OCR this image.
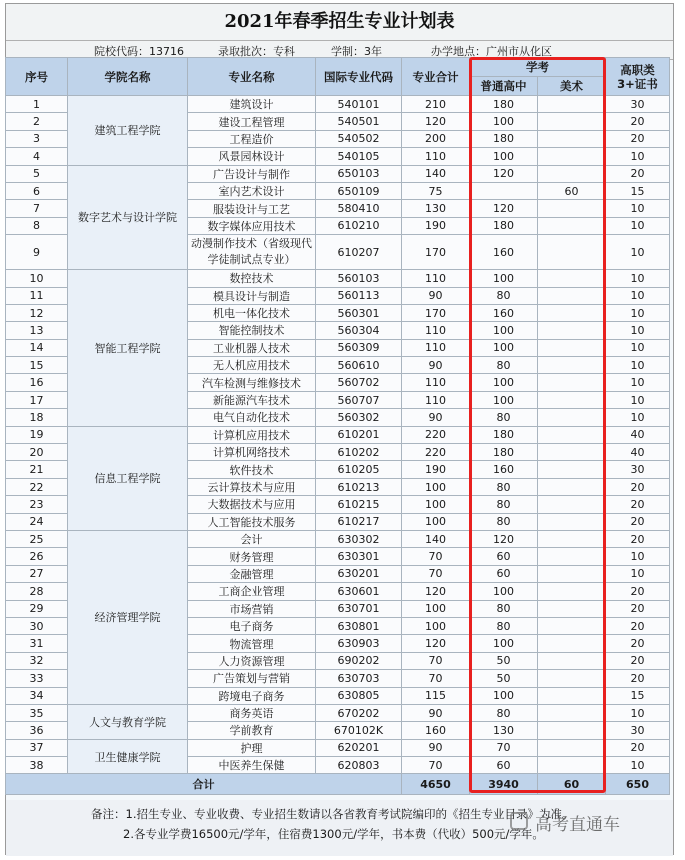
2021年春季招生专业计划表
院校代码：13716	录取批次：专科	学制：3年	办学地点：广州市从化区
备注：1.招生专业、专业收费、专业招生数请以各省教育考试院编印的《招生专业目录》为准。
2.各专业学费16500元/学年，住宿费1300元/学年，书本费（代收）500元/学年。
序号	学院名称	专业名称	国际专业代码	专业合计	学考		高职类3+证书
					普通高中	美术	
1	建筑工程学院	建筑设计	540101	210	180		30
2		建设工程管理	540501	120	100		20
3		工程造价	540502	200	180		20
4		风景园林设计	540105	110	100		10
5	数字艺术与设计学院	广告设计与制作	650103	140	120		20
6		室内艺术设计	650109	75		60	15
7		服装设计与工艺	580410	130	120		10
8		数字媒体应用技术	610210	190	180		10
9		动漫制作技术（省级现代学徒制试点专业）	610207	170	160		10
10	智能工程学院	数控技术	560103	110	100		10
11		模具设计与制造	560113	90	80		10
12		机电一体化技术	560301	170	160		10
13		智能控制技术	560304	110	100		10
14		工业机器人技术	560309	110	100		10
15		无人机应用技术	560610	90	80		10
16		汽车检测与维修技术	560702	110	100		10
17		新能源汽车技术	560707	110	100		10
18		电气自动化技术	560302	90	80		10
19	信息工程学院	计算机应用技术	610201	220	180		40
20		计算机网络技术	610202	220	180		40
21		软件技术	610205	190	160		30
22		云计算技术与应用	610213	100	80		20
23		大数据技术与应用	610215	100	80		20
24		人工智能技术服务	610217	100	80		20
25	经济管理学院	会计	630302	140	120		20
26		财务管理	630301	70	60		10
27		金融管理	630201	70	60		10
28		工商企业管理	630601	120	100		20
29		市场营销	630701	100	80		20
30		电子商务	630801	100	80		20
31		物流管理	630903	120	100		20
32		人力资源管理	690202	70	50		20
33		广告策划与营销	630703	70	50		20
34		跨境电子商务	630805	115	100		15
35	人文与教育学院	商务英语	670202	90	80		10
36		学前教育	670102K	160	130		30
37	卫生健康学院	护理	620201	90	70		20
38		中医养生保健	620803	70	60		10
合计				4650	3940	60	650
高考直通车
